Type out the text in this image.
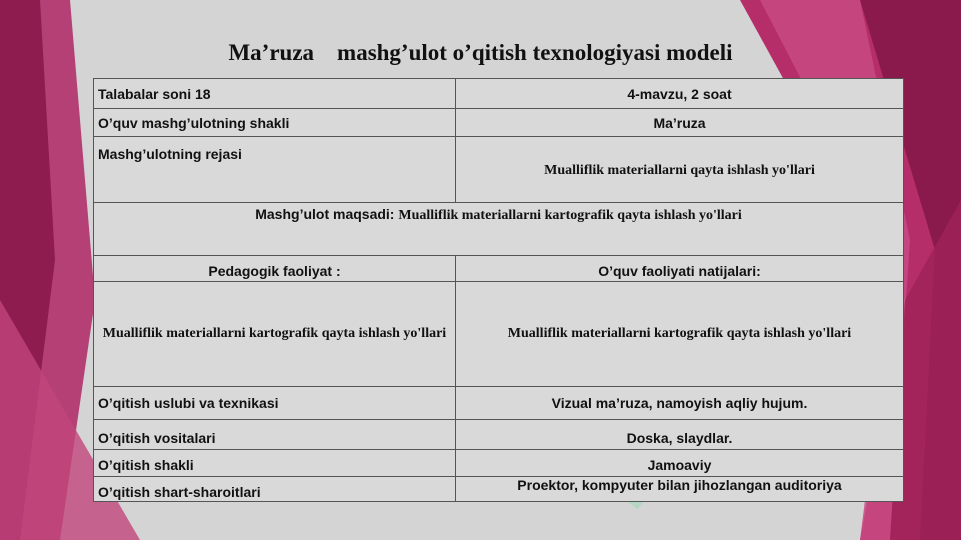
Ma’ruza    mashg’ulot o’qitish texnologiyasi modeli
Talabalar soni 18	4-mavzu, 2 soat
O’quv mashg’ulotning shakli	Ma’ruza
Mashg’ulotning rejasi	Mualliflik materiallarni qayta ishlash yo'llari
Mashg’ulot maqsadi: Mualliflik materiallarni kartografik qayta ishlash yo'llari	
Pedagogik faoliyat :	O’quv faoliyati natijalari:
Mualliflik materiallarni kartografik qayta ishlash yo'llari	Mualliflik materiallarni kartografik qayta ishlash yo'llari
O’qitish uslubi va texnikasi	Vizual ma’ruza, namoyish aqliy hujum.
O’qitish vositalari	Doska, slaydlar.
O’qitish shakli	Jamoaviy
O’qitish shart-sharoitlari	Proektor, kompyuter bilan jihozlangan auditoriya
